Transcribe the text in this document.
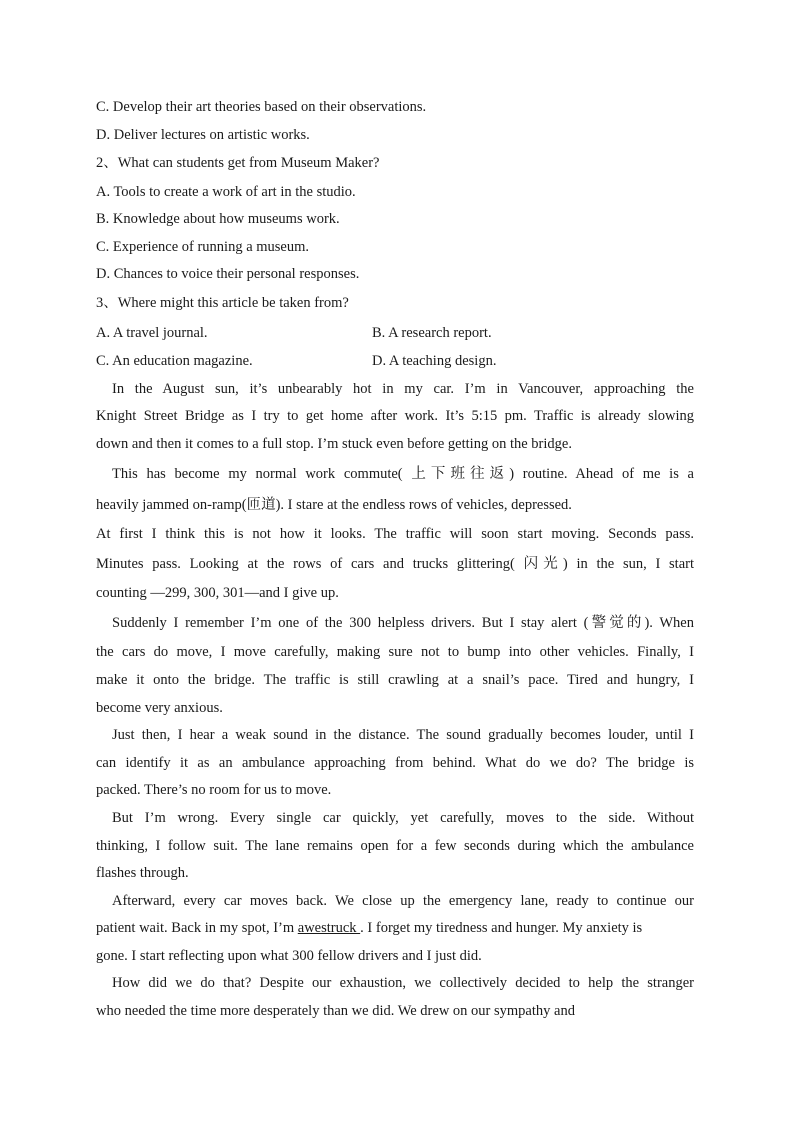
C. Develop their art theories based on their observations.
D. Deliver lectures on artistic works.
2、What can students get from Museum Maker?
A. Tools to create a work of art in the studio.
B. Knowledge about how museums work.
C. Experience of running a museum.
D. Chances to voice their personal responses.
3、Where might this article be taken from?
A. A travel journal.	B. A research report.
C. An education magazine.	D. A teaching design.
In the August sun, it’s unbearably hot in my car. I’m in Vancouver, approaching the
Knight Street Bridge as I try to get home after work. It’s 5:15 pm. Traffic is already slowing
down and then it comes to a full stop. I’m stuck even before getting on the bridge.
This has become my normal work commute( 上下班往返) routine. Ahead of me is a
heavily jammed on-ramp(匝道). I stare at the endless rows of vehicles, depressed.
At first I think this is not how it looks. The traffic will soon start moving. Seconds pass.
Minutes pass. Looking at the rows of cars and trucks glittering( 闪光) in the sun, I start
counting —299, 300, 301—and I give up.
Suddenly I remember I’m one of the 300 helpless drivers. But I stay alert (警觉的). When
the cars do move, I move carefully, making sure not to bump into other vehicles. Finally, I
make it onto the bridge. The traffic is still crawling at a snail’s pace. Tired and hungry, I
become very anxious.
Just then, I hear a weak sound in the distance. The sound gradually becomes louder, until I
can identify it as an ambulance approaching from behind. What do we do? The bridge is
packed. There’s no room for us to move.
But I’m wrong. Every single car quickly, yet carefully, moves to the side. Without
thinking, I follow suit. The lane remains open for a few seconds during which the ambulance
flashes through.
Afterward, every car moves back. We close up the emergency lane, ready to continue our
patient wait. Back in my spot, I’m awestruck . I forget my tiredness and hunger. My anxiety is
gone. I start reflecting upon what 300 fellow drivers and I just did.
How did we do that? Despite our exhaustion, we collectively decided to help the stranger
who needed the time more desperately than we did. We drew on our sympathy and
